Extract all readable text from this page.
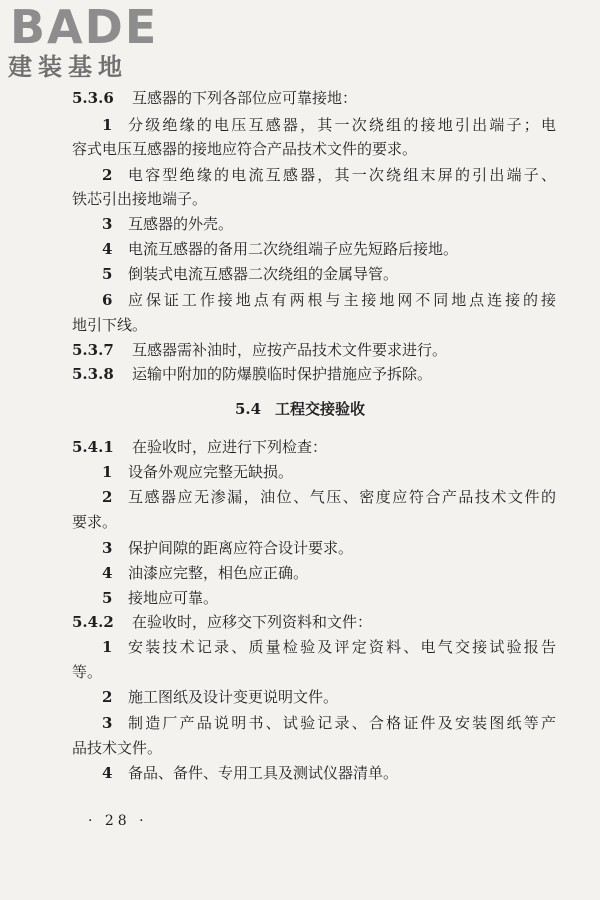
BADE
建装基地
5.3.6 互感器的下列各部位应可靠接地：
1 分级绝缘的电压互感器，其一次绕组的接地引出端子；电
容式电压互感器的接地应符合产品技术文件的要求。
2 电容型绝缘的电流互感器，其一次绕组末屏的引出端子、
铁芯引出接地端子。
3 互感器的外壳。
4 电流互感器的备用二次绕组端子应先短路后接地。
5 倒装式电流互感器二次绕组的金属导管。
6 应保证工作接地点有两根与主接地网不同地点连接的接
地引下线。
5.3.7 互感器需补油时，应按产品技术文件要求进行。
5.3.8 运输中附加的防爆膜临时保护措施应予拆除。
5.4 工程交接验收
5.4.1 在验收时，应进行下列检查：
1 设备外观应完整无缺损。
2 互感器应无渗漏，油位、气压、密度应符合产品技术文件的
要求。
3 保护间隙的距离应符合设计要求。
4 油漆应完整，相色应正确。
5 接地应可靠。
5.4.2 在验收时，应移交下列资料和文件：
1 安装技术记录、质量检验及评定资料、电气交接试验报告
等。
2 施工图纸及设计变更说明文件。
3 制造厂产品说明书、试验记录、合格证件及安装图纸等产
品技术文件。
4 备品、备件、专用工具及测试仪器清单。
· 28 ·
